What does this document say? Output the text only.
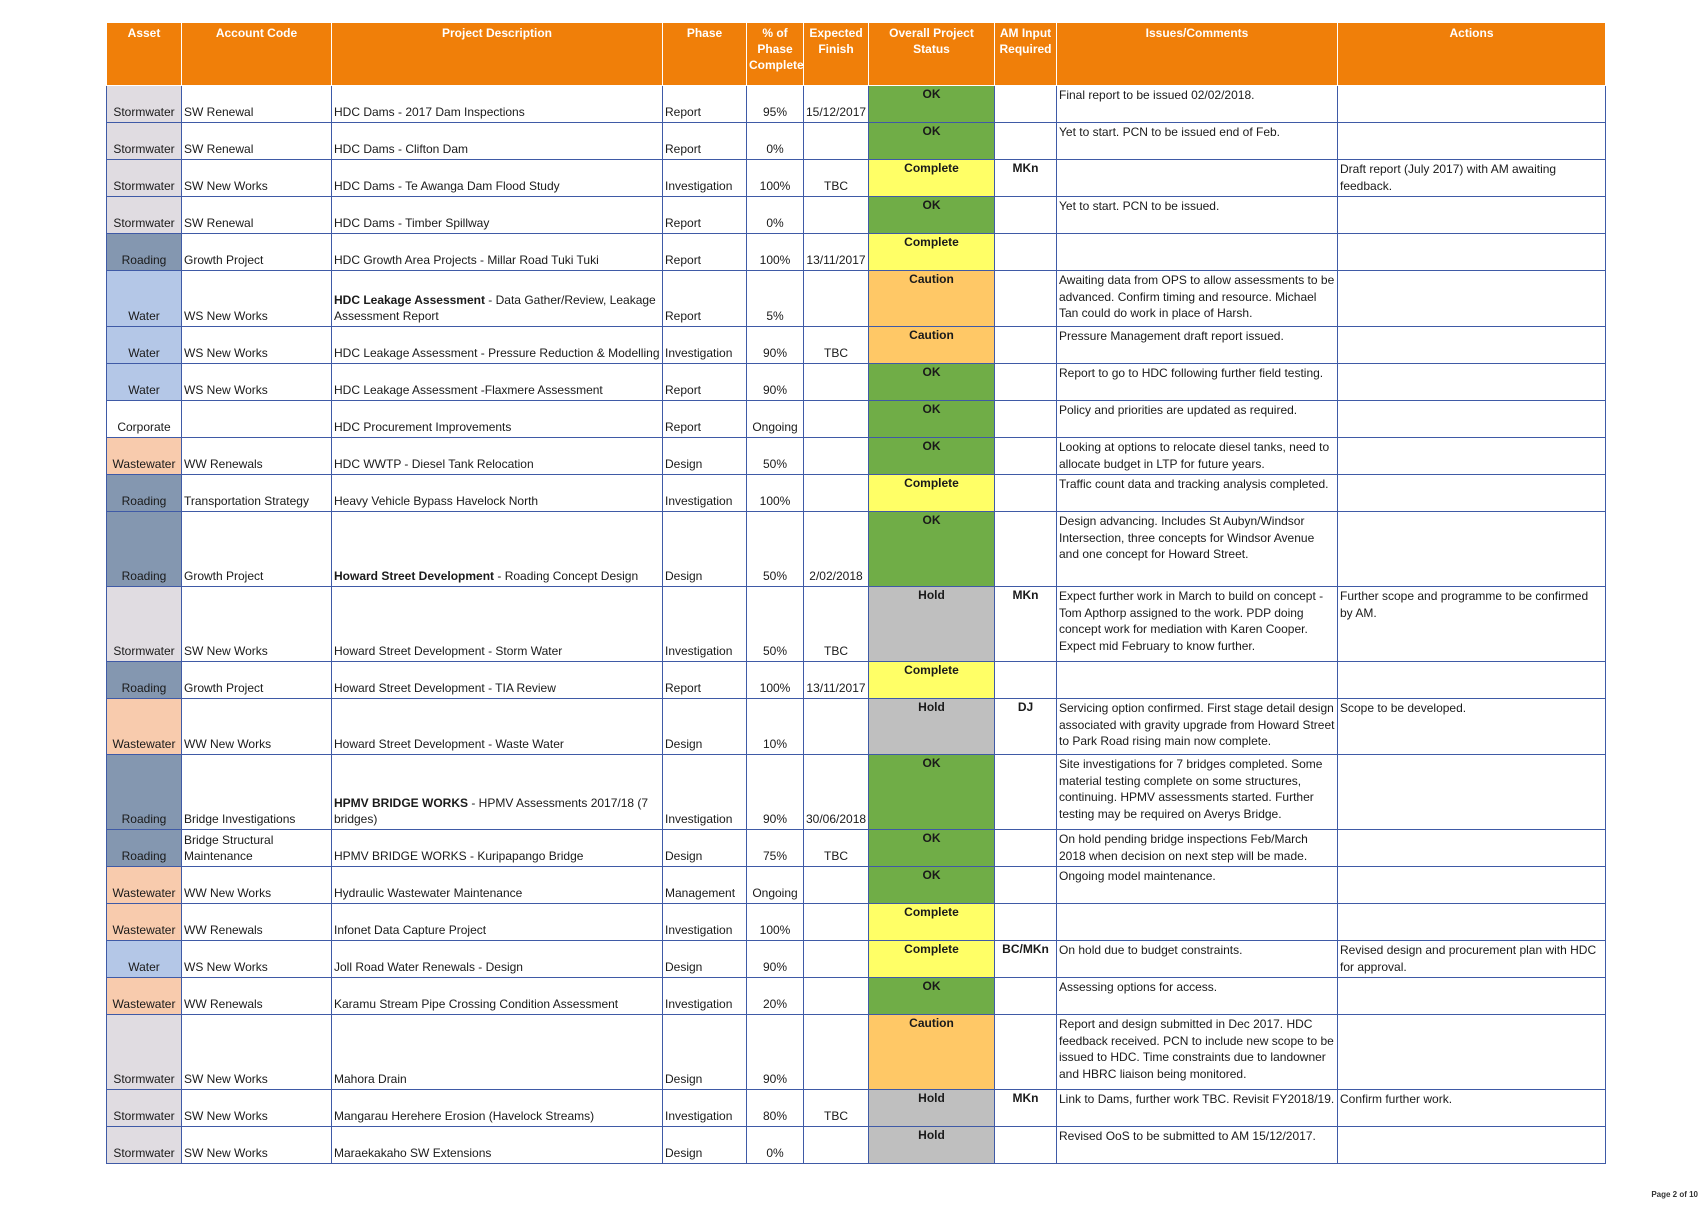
Asset	Account Code	Project Description	Phase	% of Phase Complete	Expected Finish	Overall Project Status	AM Input Required	Issues/Comments	Actions
Stormwater	SW Renewal	HDC Dams - 2017 Dam Inspections	Report	95%	15/12/2017	OK		Final report to be issued 02/02/2018.	
Stormwater	SW Renewal	HDC Dams - Clifton Dam	Report	0%		OK		Yet to start. PCN to be issued end of Feb.	
Stormwater	SW New Works	HDC Dams - Te Awanga Dam Flood Study	Investigation	100%	TBC	Complete	MKn		Draft report (July 2017) with AM awaiting feedback.
Stormwater	SW Renewal	HDC Dams - Timber Spillway	Report	0%		OK		Yet to start. PCN to be issued.	
Roading	Growth Project	HDC Growth Area Projects - Millar Road Tuki Tuki	Report	100%	13/11/2017	Complete			
Water	WS New Works	HDC Leakage Assessment - Data Gather/Review, Leakage Assessment Report	Report	5%		Caution		Awaiting data from OPS to allow assessments to be advanced. Confirm timing and resource. Michael Tan could do work in place of Harsh.	
Water	WS New Works	HDC Leakage Assessment - Pressure Reduction & Modelling	Investigation	90%	TBC	Caution		Pressure Management draft report issued.	
Water	WS New Works	HDC Leakage Assessment -Flaxmere Assessment	Report	90%		OK		Report to go to HDC following further field testing.	
Corporate		HDC Procurement Improvements	Report	Ongoing		OK		Policy and priorities are updated as required.	
Wastewater	WW Renewals	HDC WWTP - Diesel Tank Relocation	Design	50%		OK		Looking at options to relocate diesel tanks, need to allocate budget in LTP for future years.	
Roading	Transportation Strategy	Heavy Vehicle Bypass Havelock North	Investigation	100%		Complete		Traffic count data and tracking analysis completed.	
Roading	Growth Project	Howard Street Development - Roading Concept Design	Design	50%	2/02/2018	OK		Design advancing. Includes St Aubyn/Windsor Intersection, three concepts for Windsor Avenue and one concept for Howard Street.	
Stormwater	SW New Works	Howard Street Development - Storm Water	Investigation	50%	TBC	Hold	MKn	Expect further work in March to build on concept - Tom Apthorp assigned to the work. PDP doing concept work for mediation with Karen Cooper. Expect mid February to know further.	Further scope and programme to be confirmed by AM.
Roading	Growth Project	Howard Street Development - TIA Review	Report	100%	13/11/2017	Complete			
Wastewater	WW New Works	Howard Street Development - Waste Water	Design	10%		Hold	DJ	Servicing option confirmed. First stage detail design associated with gravity upgrade from Howard Street to Park Road rising main now complete.	Scope to be developed.
Roading	Bridge Investigations	HPMV BRIDGE WORKS - HPMV Assessments 2017/18 (7 bridges)	Investigation	90%	30/06/2018	OK		Site investigations for 7 bridges completed. Some material testing complete on some structures, continuing. HPMV assessments started. Further testing may be required on Averys Bridge.	
Roading	Bridge Structural Maintenance	HPMV BRIDGE WORKS - Kuripapango Bridge	Design	75%	TBC	OK		On hold pending bridge inspections Feb/March 2018 when decision on next step will be made.	
Wastewater	WW New Works	Hydraulic Wastewater Maintenance	Management	Ongoing		OK		Ongoing model maintenance.	
Wastewater	WW Renewals	Infonet Data Capture Project	Investigation	100%		Complete			
Water	WS New Works	Joll Road Water Renewals - Design	Design	90%		Complete	BC/MKn	On hold due to budget constraints.	Revised design and procurement plan with HDC for approval.
Wastewater	WW Renewals	Karamu Stream Pipe Crossing Condition Assessment	Investigation	20%		OK		Assessing options for access.	
Stormwater	SW New Works	Mahora Drain	Design	90%		Caution		Report and design submitted in Dec 2017. HDC feedback received. PCN to include new scope to be issued to HDC. Time constraints due to landowner and HBRC liaison being monitored.	
Stormwater	SW New Works	Mangarau Herehere Erosion (Havelock Streams)	Investigation	80%	TBC	Hold	MKn	Link to Dams, further work TBC. Revisit FY2018/19.	Confirm further work.
Stormwater	SW New Works	Maraekakaho SW Extensions	Design	0%		Hold		Revised OoS to be submitted to AM 15/12/2017.	
Page 2 of 10
